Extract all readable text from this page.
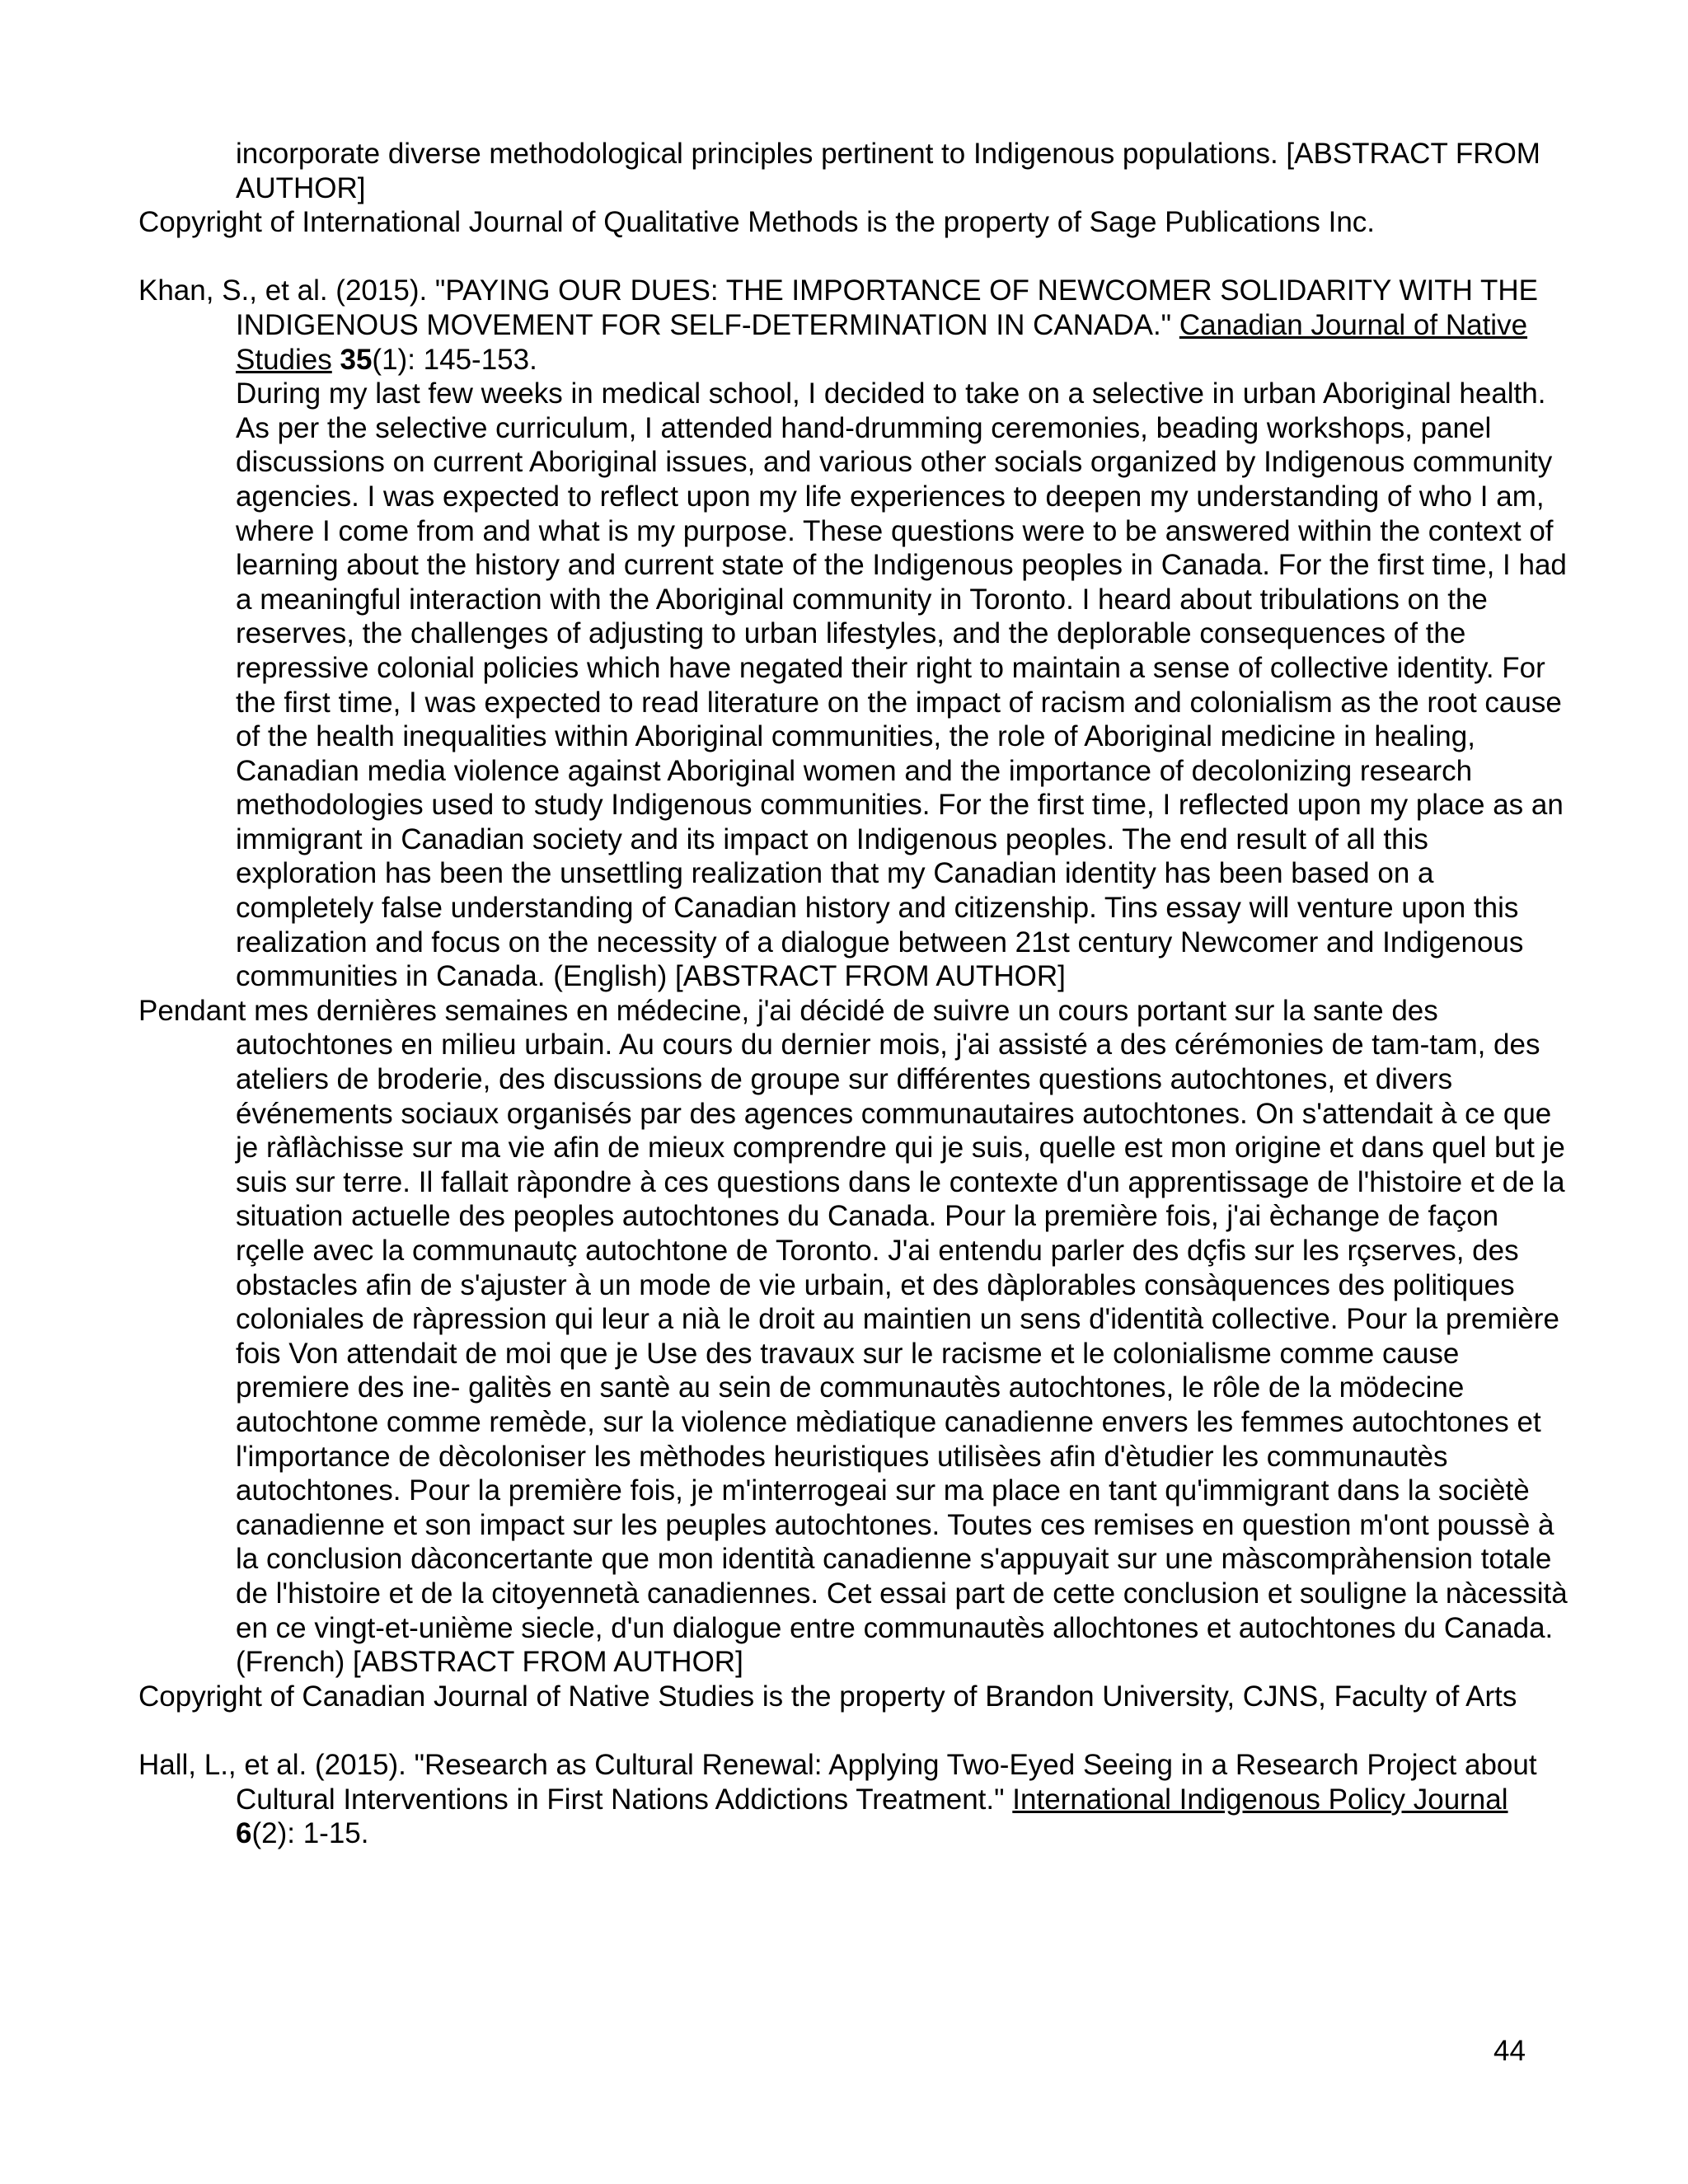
incorporate diverse methodological principles pertinent to Indigenous populations. [ABSTRACT FROM AUTHOR]

Copyright of International Journal of Qualitative Methods is the property of Sage Publications Inc.

Khan, S., et al. (2015). "PAYING OUR DUES: THE IMPORTANCE OF NEWCOMER SOLIDARITY WITH THE INDIGENOUS MOVEMENT FOR SELF-DETERMINATION IN CANADA." Canadian Journal of Native Studies 35(1): 145-153.

During my last few weeks in medical school, I decided to take on a selective in urban Aboriginal health. As per the selective curriculum, I attended hand-drumming ceremonies, beading workshops, panel discussions on current Aboriginal issues, and various other socials organized by Indigenous community agencies. I was expected to reflect upon my life experiences to deepen my understanding of who I am, where I come from and what is my purpose. These questions were to be answered within the context of learning about the history and current state of the Indigenous peoples in Canada. For the first time, I had a meaningful interaction with the Aboriginal community in Toronto. I heard about tribulations on the reserves, the challenges of adjusting to urban lifestyles, and the deplorable consequences of the repressive colonial policies which have negated their right to maintain a sense of collective identity. For the first time, I was expected to read literature on the impact of racism and colonialism as the root cause of the health inequalities within Aboriginal communities, the role of Aboriginal medicine in healing, Canadian media violence against Aboriginal women and the importance of decolonizing research methodologies used to study Indigenous communities. For the first time, I reflected upon my place as an immigrant in Canadian society and its impact on Indigenous peoples. The end result of all this exploration has been the unsettling realization that my Canadian identity has been based on a completely false understanding of Canadian history and citizenship. Tins essay will venture upon this realization and focus on the necessity of a dialogue between 21st century Newcomer and Indigenous communities in Canada. (English) [ABSTRACT FROM AUTHOR]

Pendant mes dernières semaines en médecine, j'ai décidé de suivre un cours portant sur la sante des autochtones en milieu urbain. Au cours du dernier mois, j'ai assisté a des cérémonies de tam-tam, des ateliers de broderie, des discussions de groupe sur différentes questions autochtones, et divers événements sociaux organisés par des agences communautaires autochtones. On s'attendait à ce que je ràflàchisse sur ma vie afin de mieux comprendre qui je suis, quelle est mon origine et dans quel but je suis sur terre. Il fallait ràpondre à ces questions dans le contexte d'un apprentissage de l'histoire et de la situation actuelle des peoples autochtones du Canada. Pour la première fois, j'ai èchange de façon rçelle avec la communautç autochtone de Toronto. J'ai entendu parler des dçfis sur les rçserves, des obstacles afin de s'ajuster à un mode de vie urbain, et des dàplorables consàquences des politiques coloniales de ràpression qui leur a nià le droit au maintien un sens d'identità collective. Pour la première fois Von attendait de moi que je Use des travaux sur le racisme et le colonialisme comme cause premiere des ine- galitès en santè au sein de communautès autochtones, le rôle de la mödecine autochtone comme remède, sur la violence mèdiatique canadienne envers les femmes autochtones et l'importance de dècoloniser les mèthodes heuristiques utilisèes afin d'ètudier les communautès autochtones. Pour la première fois, je m'interrogeai sur ma place en tant qu'immigrant dans la sociètè canadienne et son impact sur les peuples autochtones. Toutes ces remises en question m'ont poussè à la conclusion dàconcertante que mon identità canadienne s'appuyait sur une màscompràhension totale de l'histoire et de la citoyennetà canadiennes. Cet essai part de cette conclusion et souligne la nàcessità en ce vingt-et-unième siecle, d'un dialogue entre communautès allochtones et autochtones du Canada. (French) [ABSTRACT FROM AUTHOR]

Copyright of Canadian Journal of Native Studies is the property of Brandon University, CJNS, Faculty of Arts

Hall, L., et al. (2015). "Research as Cultural Renewal: Applying Two-Eyed Seeing in a Research Project about Cultural Interventions in First Nations Addictions Treatment." International Indigenous Policy Journal
6(2): 1-15.

44
